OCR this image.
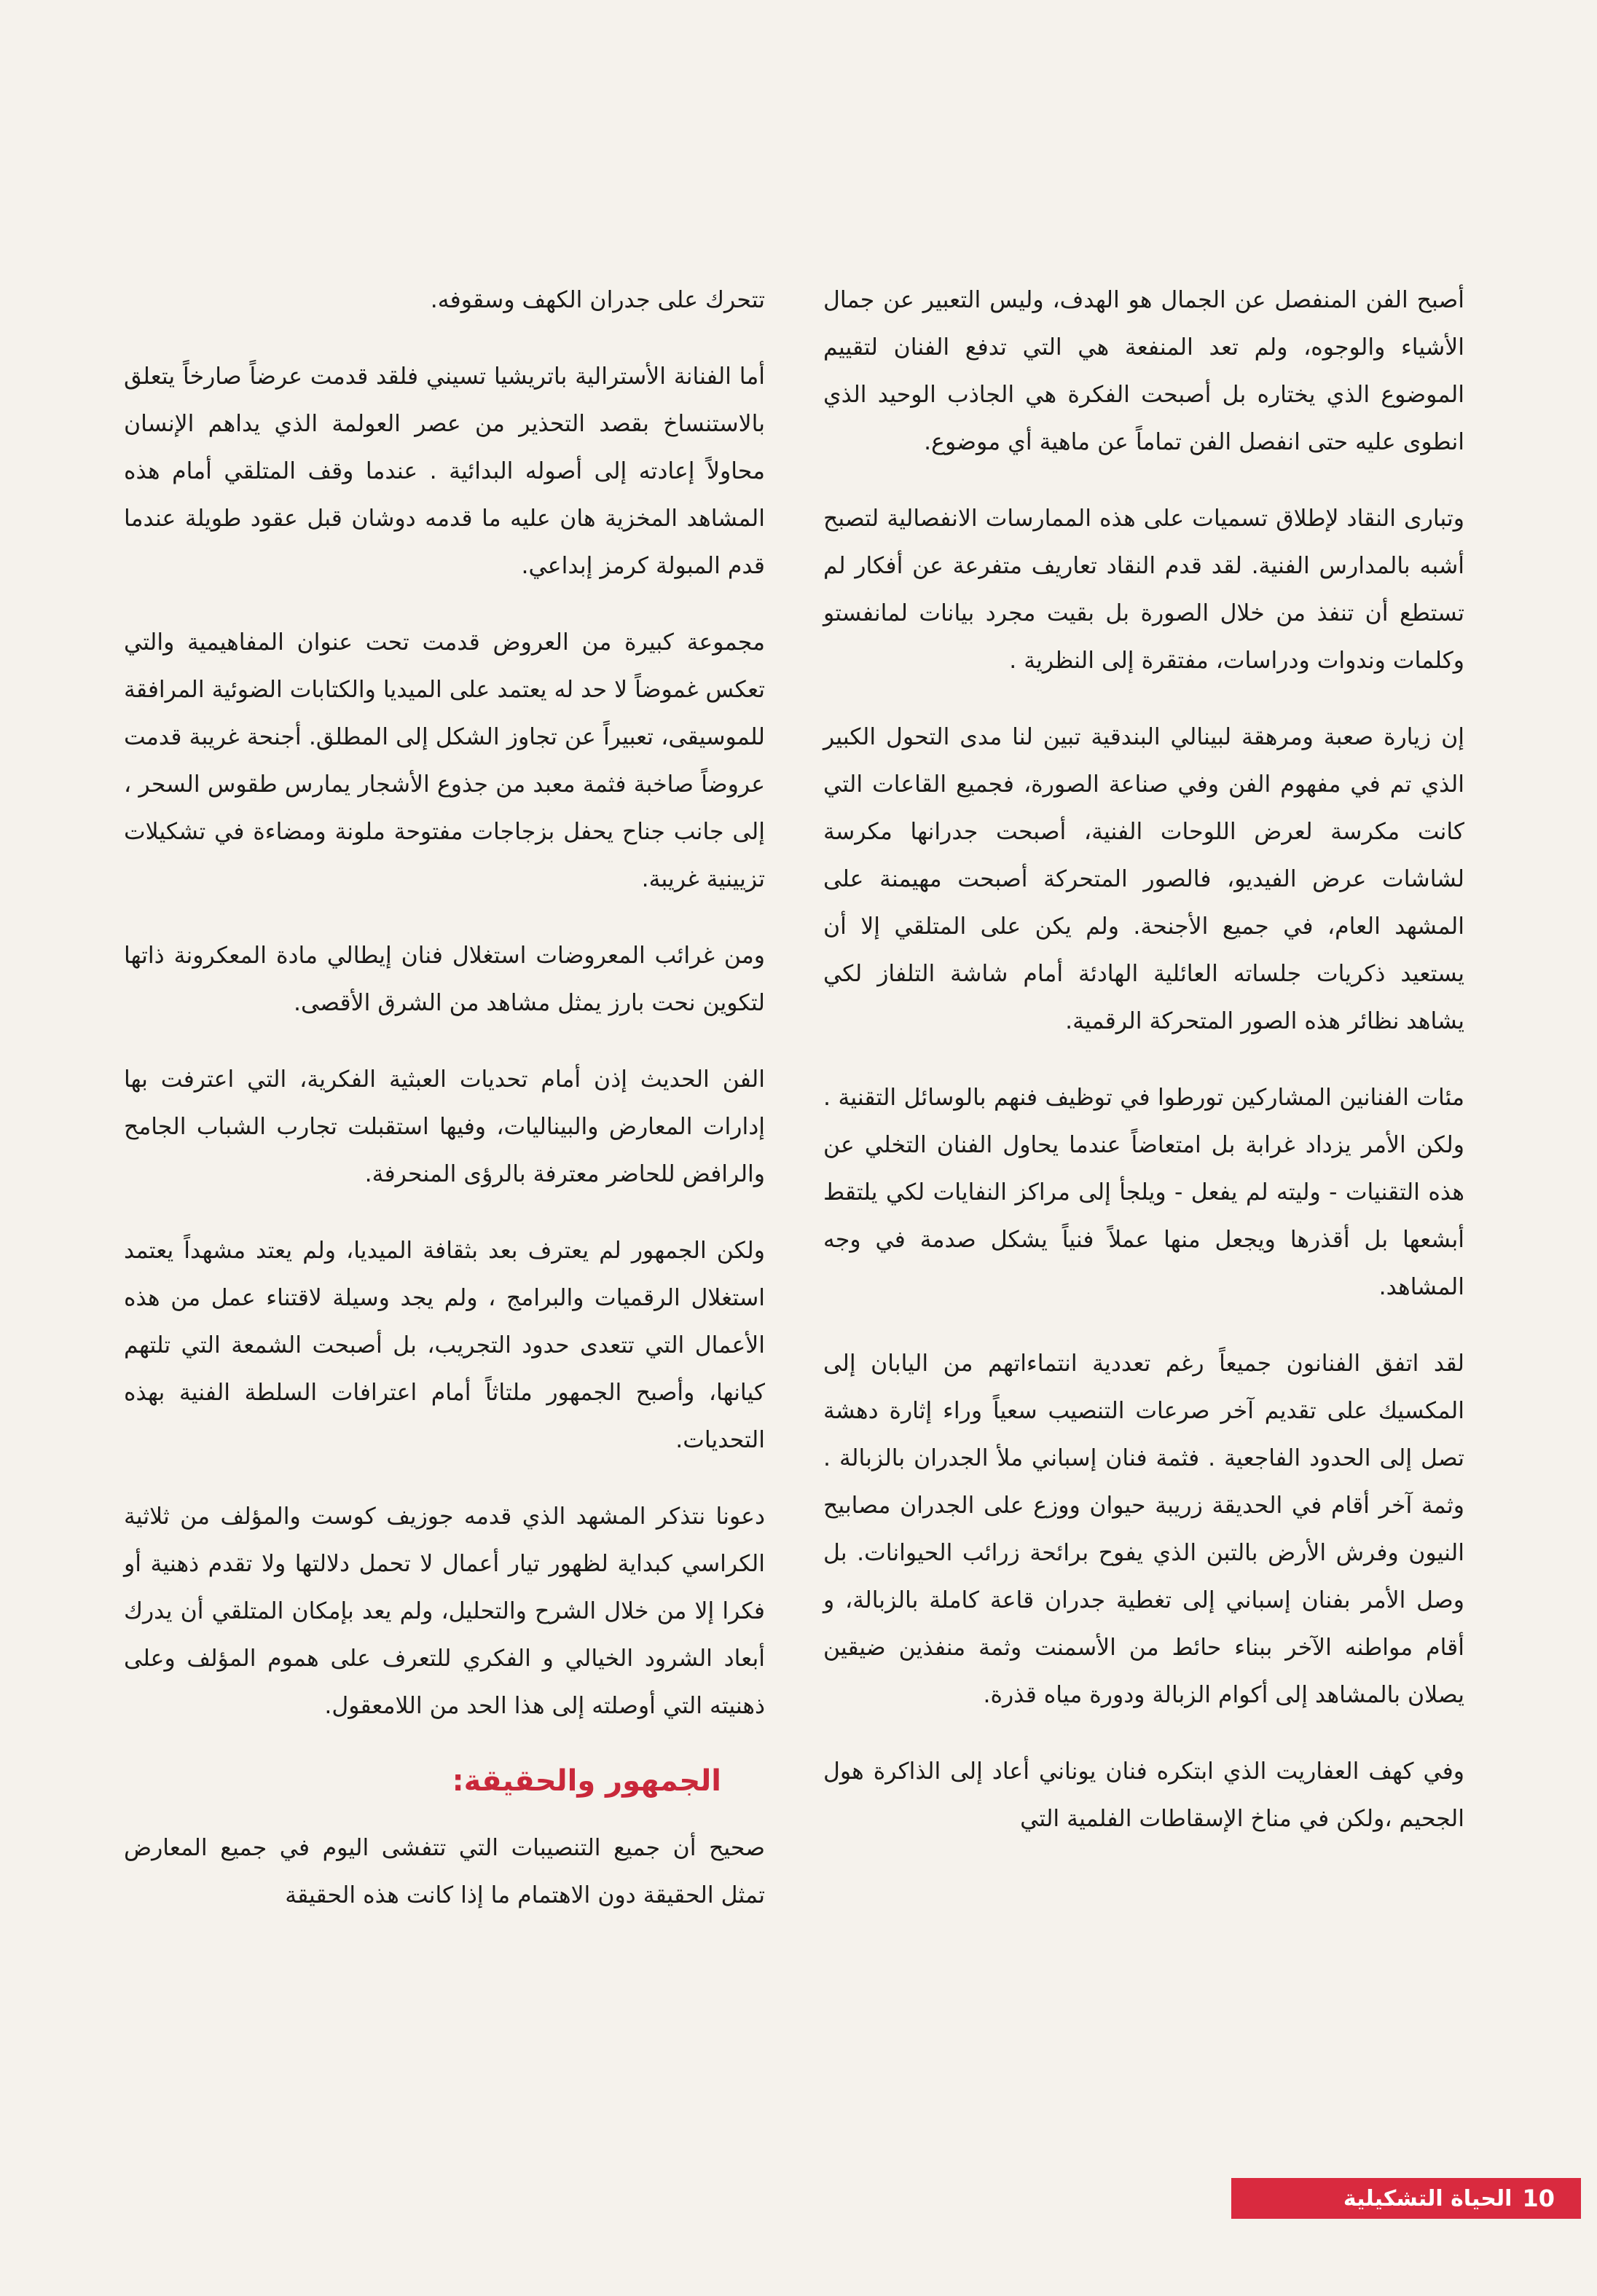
أصبح الفن المنفصل عن الجمال هو الهدف، وليس التعبير عن جمال الأشياء والوجوه، ولم تعد المنفعة هي التي تدفع الفنان لتقييم الموضوع الذي يختاره بل أصبحت الفكرة هي الجاذب الوحيد الذي انطوى عليه حتى انفصل الفن تماماً عن ماهية أي موضوع.

وتبارى النقاد لإطلاق تسميات على هذه الممارسات الانفصالية لتصبح أشبه بالمدارس الفنية. لقد قدم النقاد تعاريف متفرعة عن أفكار لم تستطع أن تنفذ من خلال الصورة بل بقيت مجرد بيانات لمانفستو وكلمات وندوات ودراسات، مفتقرة إلى النظرية .

إن زيارة صعبة ومرهقة لبينالي البندقية تبين لنا مدى التحول الكبير الذي تم في مفهوم الفن وفي صناعة الصورة، فجميع القاعات التي كانت مكرسة لعرض اللوحات الفنية، أصبحت جدرانها مكرسة لشاشات عرض الفيديو، فالصور المتحركة أصبحت مهيمنة على المشهد العام، في جميع الأجنحة. ولم يكن على المتلقي إلا أن يستعيد ذكريات جلساته العائلية الهادئة أمام شاشة التلفاز لكي يشاهد نظائر هذه الصور المتحركة الرقمية.

مئات الفنانين المشاركين تورطوا في توظيف فنهم بالوسائل التقنية . ولكن الأمر يزداد غرابة بل امتعاضاً عندما يحاول الفنان التخلي عن هذه التقنيات - وليته لم يفعل - ويلجأ إلى مراكز النفايات لكي يلتقط أبشعها بل أقذرها ويجعل منها عملاً فنياً يشكل صدمة في وجه المشاهد.

لقد اتفق الفنانون جميعاً رغم تعددية انتماءاتهم من اليابان إلى المكسيك على تقديم آخر صرعات التنصيب سعياً وراء إثارة دهشة تصل إلى الحدود الفاجعية . فثمة فنان إسباني ملأ الجدران بالزبالة . وثمة آخر أقام في الحديقة زريبة حيوان ووزع على الجدران مصابيح النيون وفرش الأرض بالتبن الذي يفوح برائحة زرائب الحيوانات. بل وصل الأمر بفنان إسباني إلى تغطية جدران قاعة كاملة بالزبالة، و أقام مواطنه الآخر ببناء حائط من الأسمنت وثمة منفذين ضيقين يصلان بالمشاهد إلى أكوام الزبالة ودورة مياه قذرة.

وفي كهف العفاريت الذي ابتكره فنان يوناني أعاد إلى الذاكرة هول الجحيم ،ولكن في مناخ الإسقاطات الفلمية التي

تتحرك على جدران الكهف وسقوفه.

أما الفنانة الأسترالية باتريشيا تسيني فلقد قدمت عرضاً صارخاً يتعلق بالاستنساخ بقصد التحذير من عصر العولمة الذي يداهم الإنسان محاولاً إعادته إلى أصوله البدائية . عندما وقف المتلقي أمام هذه المشاهد المخزية هان عليه ما قدمه دوشان قبل عقود طويلة عندما قدم المبولة كرمز إبداعي.

مجموعة كبيرة من العروض قدمت تحت عنوان المفاهيمية والتي تعكس غموضاً لا حد له يعتمد على الميديا والكتابات الضوئية المرافقة للموسيقى، تعبيراً عن تجاوز الشكل إلى المطلق. أجنحة غريبة قدمت عروضاً صاخبة فثمة معبد من جذوع الأشجار يمارس طقوس السحر ، إلى جانب جناح يحفل بزجاجات مفتوحة ملونة ومضاءة في تشكيلات تزيينية غريبة.

ومن غرائب المعروضات استغلال فنان إيطالي مادة المعكرونة ذاتها لتكوين نحت بارز يمثل مشاهد من الشرق الأقصى.

الفن الحديث إذن أمام تحديات العبثية الفكرية، التي اعترفت بها إدارات المعارض والبيناليات، وفيها استقبلت تجارب الشباب الجامح والرافض للحاضر معترفة بالرؤى المنحرفة.

ولكن الجمهور لم يعترف بعد بثقافة الميديا، ولم يعتد مشهداً يعتمد استغلال الرقميات والبرامج ، ولم يجد وسيلة لاقتناء عمل من هذه الأعمال التي تتعدى حدود التجريب، بل أصبحت الشمعة التي تلتهم كيانها، وأصبح الجمهور ملتاثاً أمام اعترافات السلطة الفنية بهذه التحديات.

دعونا نتذكر المشهد الذي قدمه جوزيف كوست والمؤلف من ثلاثية الكراسي كبداية لظهور تيار أعمال لا تحمل دلالتها ولا تقدم ذهنية أو فكرا إلا من خلال الشرح والتحليل، ولم يعد بإمكان المتلقي أن يدرك أبعاد الشرود الخيالي و الفكري للتعرف على هموم المؤلف وعلى ذهنيته التي أوصلته إلى هذا الحد من اللامعقول.

الجمهور والحقيقة:

صحيح أن جميع التنصيبات التي تتفشى اليوم في جميع المعارض تمثل الحقيقة دون الاهتمام ما إذا كانت هذه الحقيقة

10
الحياة التشكيلية
